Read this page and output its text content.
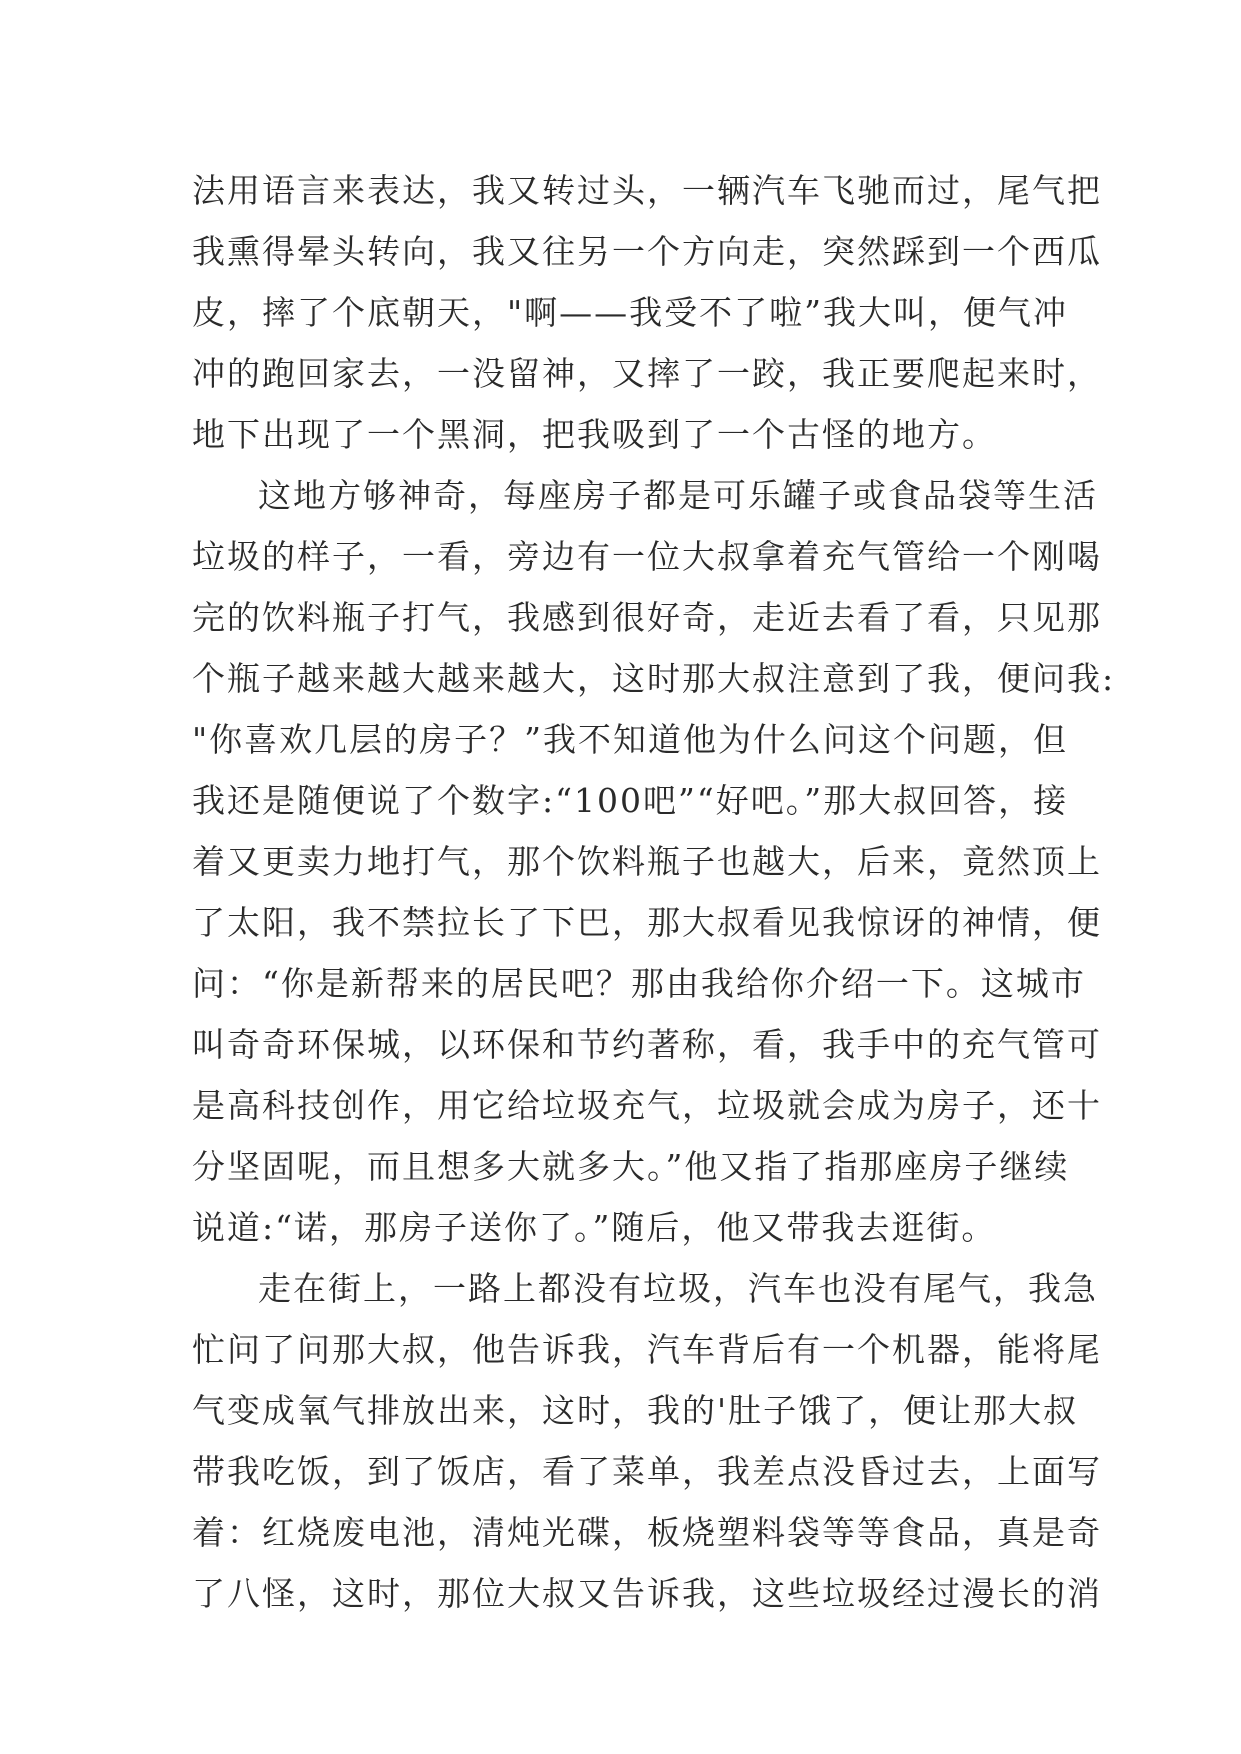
法用语言来表达，我又转过头，一辆汽车飞驰而过，尾气把
我熏得晕头转向，我又往另一个方向走，突然踩到一个西瓜
皮，摔了个底朝天，"啊——我受不了啦”我大叫，便气冲
冲的跑回家去，一没留神，又摔了一跤，我正要爬起来时，
地下出现了一个黑洞，把我吸到了一个古怪的地方。
这地方够神奇，每座房子都是可乐罐子或食品袋等生活
垃圾的样子，一看，旁边有一位大叔拿着充气管给一个刚喝
完的饮料瓶子打气，我感到很好奇，走近去看了看，只见那
个瓶子越来越大越来越大，这时那大叔注意到了我，便问我:
"你喜欢几层的房子？”我不知道他为什么问这个问题，但
我还是随便说了个数字:“100吧”“好吧。”那大叔回答，接
着又更卖力地打气，那个饮料瓶子也越大，后来，竟然顶上
了太阳，我不禁拉长了下巴，那大叔看见我惊讶的神情，便
问：“你是新帮来的居民吧？那由我给你介绍一下。这城市
叫奇奇环保城，以环保和节约著称，看，我手中的充气管可
是高科技创作，用它给垃圾充气，垃圾就会成为房子，还十
分坚固呢，而且想多大就多大。”他又指了指那座房子继续
说道:“诺，那房子送你了。”随后，他又带我去逛街。
走在街上，一路上都没有垃圾，汽车也没有尾气，我急
忙问了问那大叔，他告诉我，汽车背后有一个机器，能将尾
气变成氧气排放出来，这时，我的'肚子饿了，便让那大叔
带我吃饭，到了饭店，看了菜单，我差点没昏过去，上面写
着：红烧废电池，清炖光碟，板烧塑料袋等等食品，真是奇
了八怪，这时，那位大叔又告诉我，这些垃圾经过漫长的消
